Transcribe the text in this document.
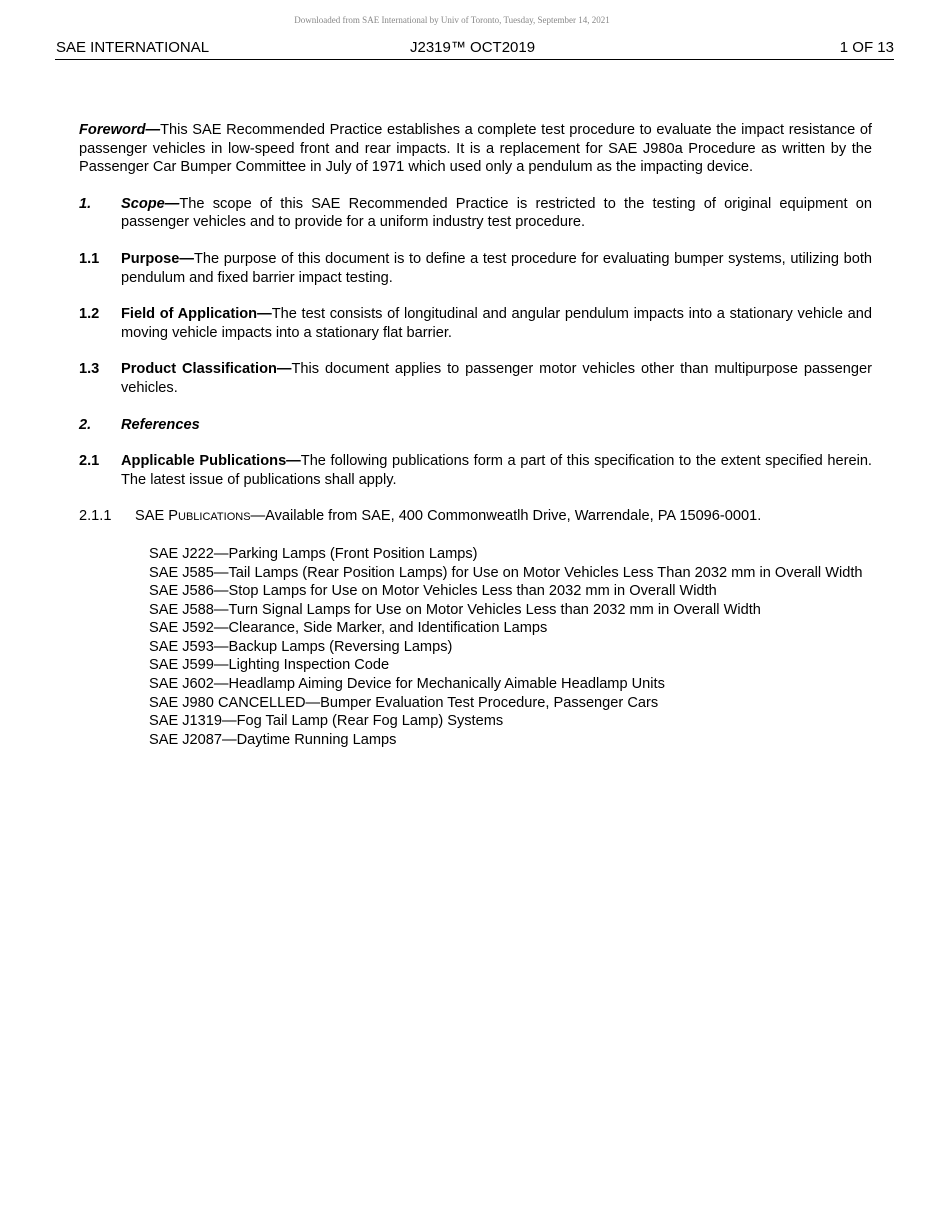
Downloaded from SAE International by Univ of Toronto, Tuesday, September 14, 2021
SAE INTERNATIONAL	J2319™ OCT2019	1 OF 13

Foreword—This SAE Recommended Practice establishes a complete test procedure to evaluate the impact resistance of passenger vehicles in low-speed front and rear impacts. It is a replacement for SAE J980a Procedure as written by the Passenger Car Bumper Committee in July of 1971 which used only a pendulum as the impacting device.

1.	Scope—The scope of this SAE Recommended Practice is restricted to the testing of original equipment on passenger vehicles and to provide for a uniform industry test procedure.
1.1	Purpose—The purpose of this document is to define a test procedure for evaluating bumper systems, utilizing both pendulum and fixed barrier impact testing.
1.2	Field of Application—The test consists of longitudinal and angular pendulum impacts into a stationary vehicle and moving vehicle impacts into a stationary flat barrier.
1.3	Product Classification—This document applies to passenger motor vehicles other than multipurpose passenger vehicles.
2.	References
2.1	Applicable Publications—The following publications form a part of this specification to the extent specified herein. The latest issue of publications shall apply.
2.1.1	SAE PUBLICATIONS—Available from SAE, 400 Commonweatlh Drive, Warrendale, PA 15096-0001.
SAE J222—Parking Lamps (Front Position Lamps)
SAE J585—Tail Lamps (Rear Position Lamps) for Use on Motor Vehicles Less Than 2032 mm in Overall Width
SAE J586—Stop Lamps for Use on Motor Vehicles Less than 2032 mm in Overall Width
SAE J588—Turn Signal Lamps for Use on Motor Vehicles Less than 2032 mm in Overall Width
SAE J592—Clearance, Side Marker, and Identification Lamps
SAE J593—Backup Lamps (Reversing Lamps)
SAE J599—Lighting Inspection Code
SAE J602—Headlamp Aiming Device for Mechanically Aimable Headlamp Units
SAE J980 CANCELLED—Bumper Evaluation Test Procedure, Passenger Cars
SAE J1319—Fog Tail Lamp (Rear Fog Lamp) Systems
SAE J2087—Daytime Running Lamps
